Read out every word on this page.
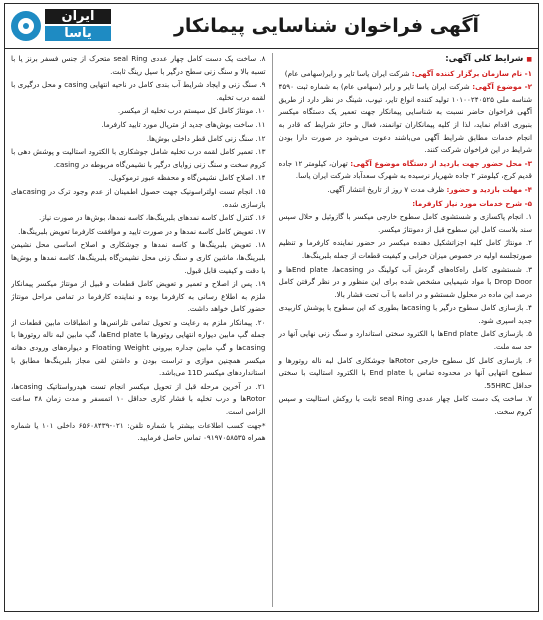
آگهی فراخوان شناسایی پیمانکار
ایران
یاسا
■ شرایط کلی آگهی:

۱- نام سازمان برگزار کننده آگهی: شرکت ایران یاسا تایر و رابر(سهامی عام)

۲- موضوع آگهی: شرکت ایران یاسا تایر و رابر (سهامی عام) به شماره ثبت ۴۵۹۰ شناسه ملی ۱۰۱۰۰۲۴۰۵۲۵ تولید کننده انواع تایر، تیوب، شینگ در نظر دارد از طریق آگهی فراخوان حاضر نسبت به شناسایی پیمانکار جهت تعمیر یک دستگاه میکسر بنبوری اقدام نماید، لذا از کلیه پیمانکاران توانمند، فعال و حائز شرایط که قادر به انجام خدمات مطابق شرایط آگهی می‌باشند دعوت می‌شود در صورت دارا بودن شرایط در این فراخوان شرکت کنند.

۳- محل حضور جهت بازدید از دستگاه موضوع آگهی: تهران، کیلومتر ۱۲ جاده قدیم کرج، کیلومتر ۲ جاده شهریار نرسیده به شهرک سعدآباد شرکت ایران یاسا.

۴- مهلت بازدید و حضور: ظرف مدت ۷ روز از تاریخ انتشار آگهی.

۵- شرح خدمات مورد نیاز کارفرما:

۱. انجام پاکسازی و شستشوی کامل سطوح خارجی میکسر با گازوئیل و حلال سپس سند بلاست کامل این سطوح قبل از دمونتاژ میکسر.

۲. مونتاژ کامل کلیه اجزاتشکیل دهنده میکسر در حضور نماینده کارفرما و تنظیم صورتجلسه اولیه در خصوص میزان خرابی و کیفیت قطعات از جمله بلبرینگ‌ها.

۳. شستشوی کامل راه‌کاه‌های گردش آب کولینگ در casingها، End plateها و Drop Door با مواد شیمیایی مشخص شده برای این منظور و در نظر گرفتن کامل درصد این ماده در محلول شستشو و در ادامه با آب تحت فشار بالا.

۴. بازسازی کامل سطوح درگیر با casingها بطوری که این سطوح با پوشش کاربیدی جدید اسپری شود.

۵. بازسازی کامل End plateها با الکترود سختی استاندارد و سنگ زنی نهایی آنها در حد سه ملت.

۶. بازسازی کامل کل سطوح خارجی Rotorها جوشکاری کامل لبه ناله روتورها و سطوح انتهایی آنها در محدوده تماس با End plate با الکترود استالیت با سختی حداقل 55HRC.

۷. ساخت یک دست کامل چهار عددی seal Ring ثابت با روکش استالیت و سپس کروم سخت.

۸. ساخت یک دست کامل چهار عددی seal Ring متحرک از جنس فسفر برنز یا با تسبه بالا و سنگ زنی سطح درگیر با سیل رینگ ثابت.

۹. سنگ زنی و ایجاد شرایط آب بندی کامل در ناحیه انتهایی casing و محل درگیری با لقمه درب تخلیه.

۱۰. مونتاژ کامل کل سیستم درب تخلیه از میکسر.

۱۱. ساخت بوش‌های جدید از متریال مورد تایید کارفرما.

۱۲. سنگ زنی کامل قطر داخلی بوش‌ها.

۱۳. تعمیر کامل لقمه درب تخلیه شامل جوشکاری با الکترود استالیت و پوشش دهی با کروم سخت و سنگ زنی زوایای درگیر با نشیمن‌گاه مربوطه در casing.

۱۴. اصلاح کامل نشیمن‌گاه و محفظه عبور ترموکوپل.

۱۵. انجام تست اولتراسونیک جهت حصول اطمینان از عدم وجود ترک در casingهای بازسازی شده.

۱۶. کنترل کامل کاسه نمدهای بلبرینگ‌ها، کاسه نمدها، بوش‌ها در صورت نیاز.

۱۷. تعویض کامل کاسه نمدها و در صورت تایید و موافقت کارفرما تعویض بلبرینگ‌ها.

۱۸. تعویض بلبرینگ‌ها و کاسه نمدها و جوشکاری و اصلاح اساسی محل نشیمن بلبرینگ‌ها، ماشین کاری و سنگ زنی محل نشیمن‌گاه بلبرینگ‌ها، کاسه نمدها و بوش‌ها با دقت و کیفیت قابل قبول.

۱۹. پس از اصلاح و تعمیر و تعویض کامل قطعات و قبیل از مونتاژ میکسر پیمانکار ملزم به اطلاع رسانی به کارفرما بوده و نماینده کارفرما در تمامی مراحل مونتاژ حضور کامل خواهد داشت.

۲۰. پیمانکار ملزم به رعایت و تحویل تمامی تلرانس‌ها و انطباقات مابین قطعات از جمله گپ مابین دیواره انتهایی روتورها با End plateها، گپ مابین لبه ناله روتورها با casingها و گپ مابین جداره بیرونی Floating Weight و دیواره‌های ورودی دهانه میکسر همچنین موازی و تراست بودن و داشتن لقی مجاز بلبرینگ‌ها مطابق با استانداردهای میکسر 11D می‌باشد.

۲۱. در آخرین مرحله قبل از تحویل میکسر انجام تست هیدرواستاتیک casingها، Rotorها و درب تخلیه با فشار کاری حداقل ۱۰ اتمسفر و مدت زمان ۴۸ ساعت الزامی است.

*جهت کسب اطلاعات بیشتر با شماره تلفن: ۰۲۱-۶۵۶۰۸۴۳۹ داخلی ۱۰۱ یا شماره همراه ۰۹۱۹۷۰۵۸۵۳۵ تماس حاصل فرمایید.
